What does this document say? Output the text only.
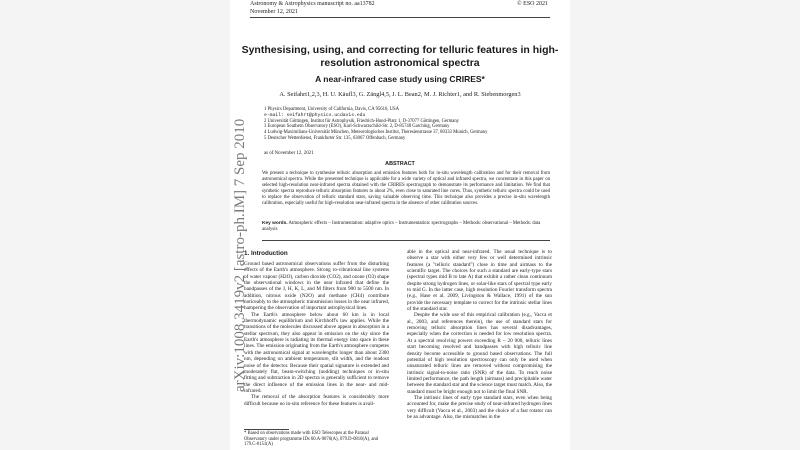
Astronomy & Astrophysics manuscript no. aa13782
November 12, 2021
© ESO 2021
Synthesising, using, and correcting for telluric features in high-resolution astronomical spectra
A near-infrared case study using CRIRES*
A. Seifahrt1,2,3, H. U. Käufl3, G. Zängl4,5, J. L. Bean2, M. J. Richter1, and R. Siebenmorgen3
1 Physics Department, University of California, Davis, CA 95616, USA
e-mail: seifahrt@physics.ucdavis.edu
2 Universität Göttingen, Institut für Astrophysik, Friedrich-Hund-Platz 1, D-37077 Göttingen, Germany
3 European Southern Observatory (ESO), Karl-Schwarzschild-Str. 2, D-85748 Garching, Germany
4 Ludwig-Maximilians-Universität München, Meteorologisches Institut, Theresienstrasse 37, 80333 Munich, Germany
5 Deutscher Wetterdienst, Frankfurter Str. 135, 63067 Offenbach, Germany
as of November 12, 2021
ABSTRACT
We present a technique to synthesise telluric absorption and emission features both for in-situ wavelength calibration and for their removal from astronomical spectra. While the presented technique is applicable for a wide variety of optical and infrared spectra, we concentrate in this paper on selected high-resolution near-infrared spectra obtained with the CRIRES spectrograph to demonstrate its performance and limitation. We find that synthetic spectra reproduce telluric absorption features to about 2%, even close to saturated line cores. Thus, synthetic telluric spectra could be used to replace the observation of telluric standard stars, saving valuable observing time. This technique also provides a precise in-situ wavelength calibration, especially useful for high-resolution near-infrared spectra in the absence of other calibration sources.
Key words. Atmospheric effects – Instrumentation: adaptive optics – Instrumentation: spectrographs – Methods: observational – Methods: data analysis
1. Introduction

Ground based astronomical observations suffer from the disturbing effects of the Earth's atmosphere. Strong ro-vibrational line systems of water vapour (H2O), carbon dioxide (CO2), and ozone (O3) shape the observational windows in the near infrared that define the bandpasses of the J, H, K, L, and M filters from 900 to 5500 nm. In addition, nitrous oxide (N2O) and methane (CH4) contribute noticeably to the atmospheric transmission losses in the near infrared, hampering the observation of important astrophysical lines.

The Earth's atmosphere below about 60 km is in local thermodynamic equilibrium and Kirchhoff's law applies. While the transitions of the molecules discussed above appear in absorption in a stellar spectrum, they also appear in emission on the sky since the Earth's atmosphere is radiating its thermal energy into space in these lines. The emission originating from the Earth's atmosphere competes with the astronomical signal at wavelengths longer than about 2300 nm, depending on ambient temperature, slit width, and the readout noise of the detector. Because their spatial signature is extended and moderately flat, beam-switching (nodding) techniques or in-situ fitting and subtraction in 2D spectra is generally sufficient to remove the direct influence of the emission lines in the near- and mid-infrared.

The removal of the absorption features is considerably more difficult because no in-situ reference for these features is avail-

* Based on observations made with ESO Telescopes at the Paranal Observatory under programme IDs 60.A-9076(A), 079.D-0810(A), and 179.C-0151(A)

able in the optical and near-infrared. The usual technique is to observe a star with either very few or well determined intrinsic features (a "telluric standard") close in time and airmass to the scientific target. The choices for such a standard are early-type stars (spectral types mid B to late A) that exhibit a rather clean continuum despite strong hydrogen lines, or solar-like stars of spectral type early to mid G. In the latter case, high resolution Fourier transform spectra (e.g., Hase et al. 2009, Livingston & Wallace, 1991) of the sun provide the necessary template to correct for the intrinsic stellar lines of the standard star.

Despite the wide use of this empirical calibration (e.g., Vacca et al., 2003, and references therein), the use of standard stars for removing telluric absorption lines has several disadvantages, especially when the correction is needed for low resolution spectra. At a spectral resolving powers exceeding R ~ 20 000, telluric lines start becoming resolved and bandpasses with high telluric line density become accessible to ground based observations. The full potential of high resolution spectroscopy can only be used when unsaturated telluric lines are removed without compromising the intrinsic signal-to-noise ratio (SNR) of the data. To reach noise limited performance, the path length (airmass) and precipitable water between the standard star and the science target must match. Also, the standard must be bright enough not to limit the final SNR.

The intrinsic lines of early type standard stars, even when being accounted for, make the precise study of near-infrared hydrogen lines very difficult (Vacca et al., 2003) and the choice of a fast rotator can be an advantage. Also, the mismatches in the

arXiv:1008.3419v2 [astro-ph.IM] 7 Sep 2010
